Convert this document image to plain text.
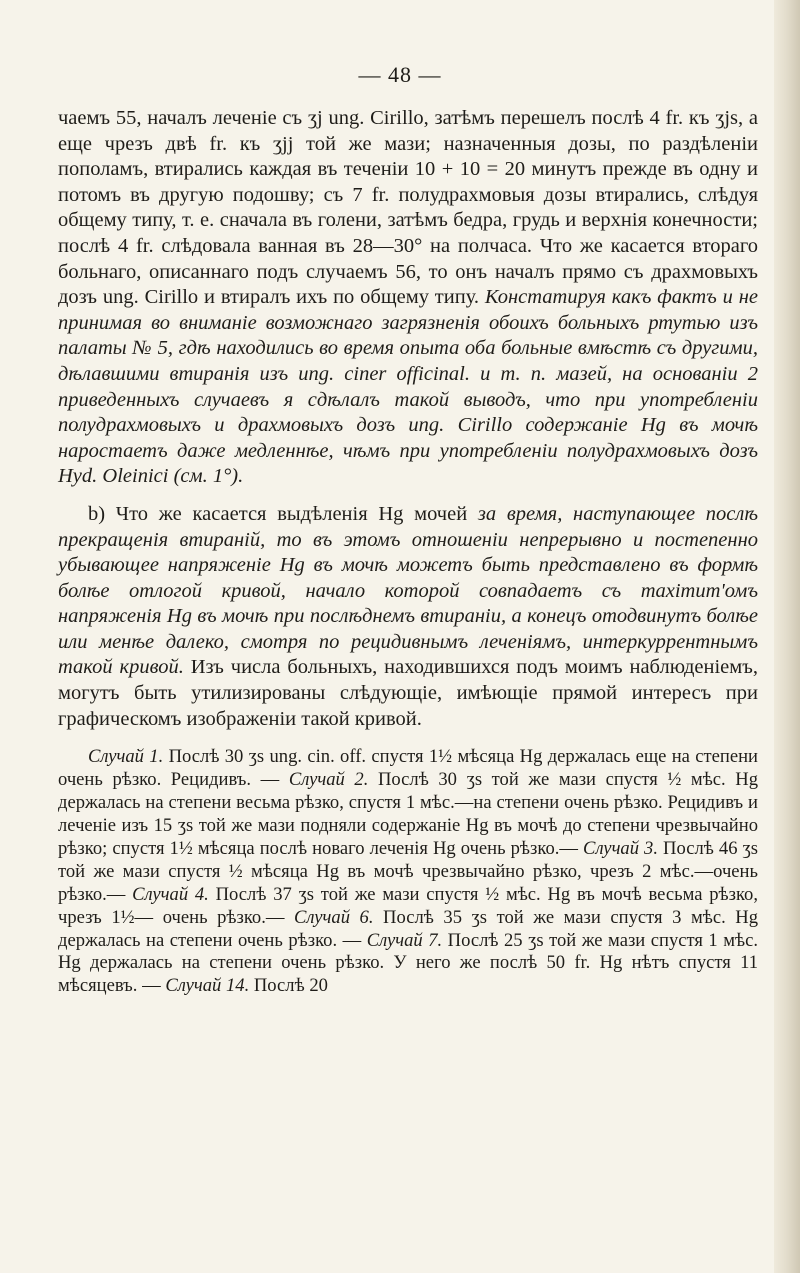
— 48 —

чаемъ 55, началъ леченіе съ ʒj ung. Cirillo, затѣмъ перешелъ послѣ 4 fr. къ ʒjs, а еще чрезъ двѣ fr. къ ʒjj той же мази; назначенныя дозы, по раздѣленіи пополамъ, втирались каждая въ теченіи 10 + 10 = 20 минутъ прежде въ одну и потомъ въ другую подошву; съ 7 fr. полудрахмовыя дозы втирались, слѣдуя общему типу, т. е. сначала въ голени, затѣмъ бедра, грудь и верхнія конечности; послѣ 4 fr. слѣдовала ванная въ 28—30° на полчаса. Что же касается втораго больнаго, описаннаго подъ случаемъ 56, то онъ началъ прямо съ драхмовыхъ дозъ ung. Cirillo и втиралъ ихъ по общему типу. Констатируя какъ фактъ и не принимая во вниманіе возможнаго загрязненія обоихъ больныхъ ртутью изъ палаты № 5, гдѣ находились во время опыта оба больные вмѣстѣ съ другими, дѣлавшими втиранія изъ ung. ciner officinal. и т. п. мазей, на основаніи 2 приведенныхъ случаевъ я сдѣлалъ такой выводъ, что при употребленіи полудрахмовыхъ и драхмовыхъ дозъ ung. Cirillo содержаніе Hg въ мочѣ наростаетъ даже медленнѣе, чѣмъ при употребленіи полудрахмовыхъ дозъ Hyd. Oleinici (см. 1°).

b) Что же касается выдѣленія Hg мочей за время, наступающее послѣ прекращенія втираній, то въ этомъ отношеніи непрерывно и постепенно убывающее напряженіе Hg въ мочѣ можетъ быть представлено въ формѣ болѣе отлогой кривой, начало которой совпадаетъ съ maximum'омъ напряженія Hg въ мочѣ при послѣднемъ втираніи, а конецъ отодвинутъ болѣе или менѣе далеко, смотря по рецидивнымъ леченіямъ, интеркуррентнымъ такой кривой. Изъ числа больныхъ, находившихся подъ моимъ наблюденіемъ, могутъ быть утилизированы слѣдующіе, имѣющіе прямой интересъ при графическомъ изображеніи такой кривой.

Случай 1. Послѣ 30 ʒs ung. cin. off. спустя 1½ мѣсяца Hg держалась еще на степени очень рѣзко. Рецидивъ. — Случай 2. Послѣ 30 ʒs той же мази спустя ½ мѣс. Hg держалась на степени весьма рѣзко, спустя 1 мѣс.—на степени очень рѣзко. Рецидивъ и леченіе изъ 15 ʒs той же мази подняли содержаніе Hg въ мочѣ до степени чрезвычайно рѣзко; спустя 1½ мѣсяца послѣ новаго леченія Hg очень рѣзко.— Случай 3. Послѣ 46 ʒs той же мази спустя ½ мѣсяца Hg въ мочѣ чрезвычайно рѣзко, чрезъ 2 мѣс.—очень рѣзко.— Случай 4. Послѣ 37 ʒs той же мази спустя ½ мѣс. Hg въ мочѣ весьма рѣзко, чрезъ 1½— очень рѣзко.— Случай 6. Послѣ 35 ʒs той же мази спустя 3 мѣс. Hg держалась на степени очень рѣзко. — Случай 7. Послѣ 25 ʒs той же мази спустя 1 мѣс. Hg держалась на степени очень рѣзко. У него же послѣ 50 fr. Hg нѣтъ спустя 11 мѣсяцевъ. — Случай 14. Послѣ 20
